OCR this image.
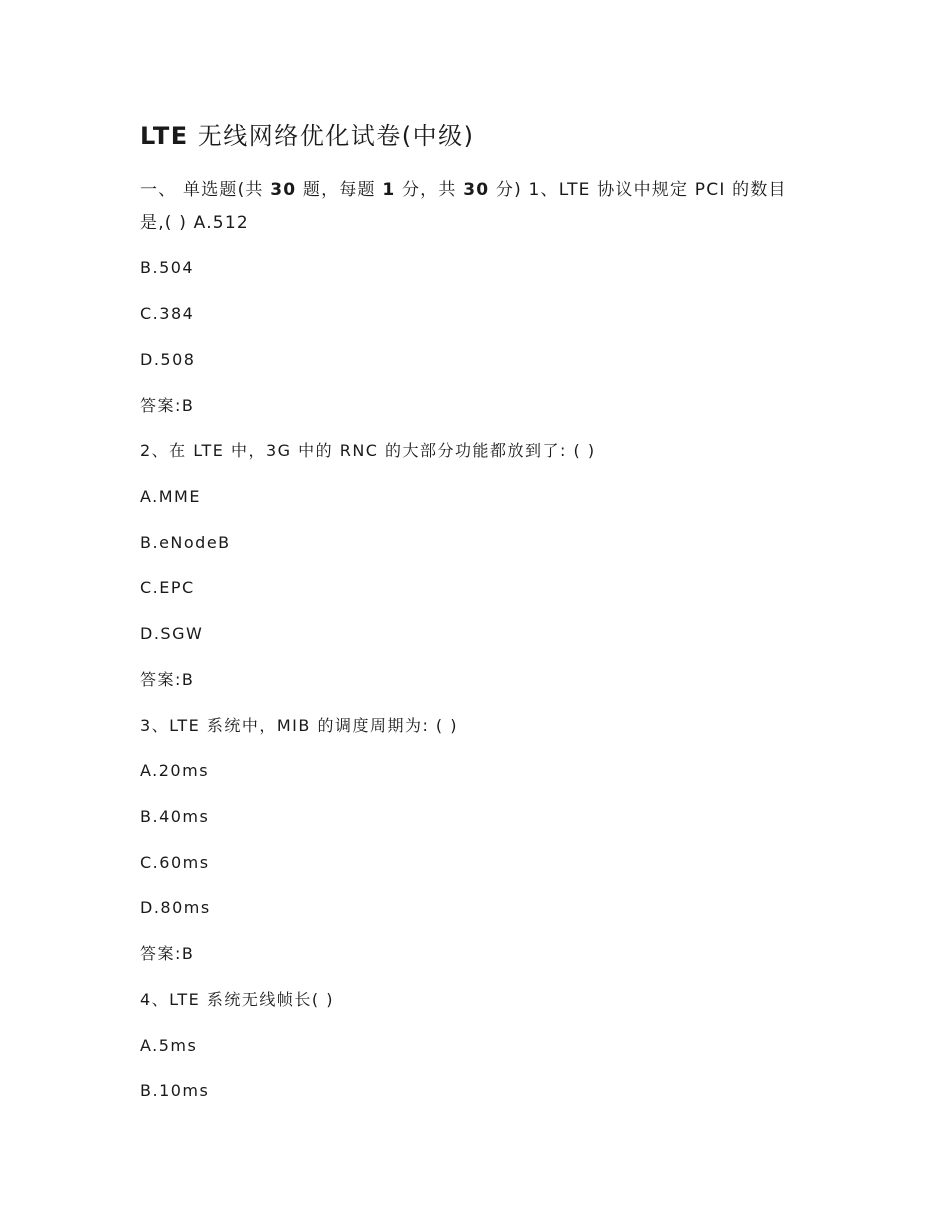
LTE 无线网络优化试卷(中级)
一、 单选题(共 30 题，每题 1 分，共 30 分) 1、LTE 协议中规定 PCI 的数目是,( ) A.512
B.504
C.384
D.508
答案:B
2、在 LTE 中，3G 中的 RNC 的大部分功能都放到了: ( )
A.MME
B.eNodeB
C.EPC
D.SGW
答案:B
3、LTE 系统中，MIB 的调度周期为: ( )
A.20ms
B.40ms
C.60ms
D.80ms
答案:B
4、LTE 系统无线帧长( )
A.5ms
B.10ms
